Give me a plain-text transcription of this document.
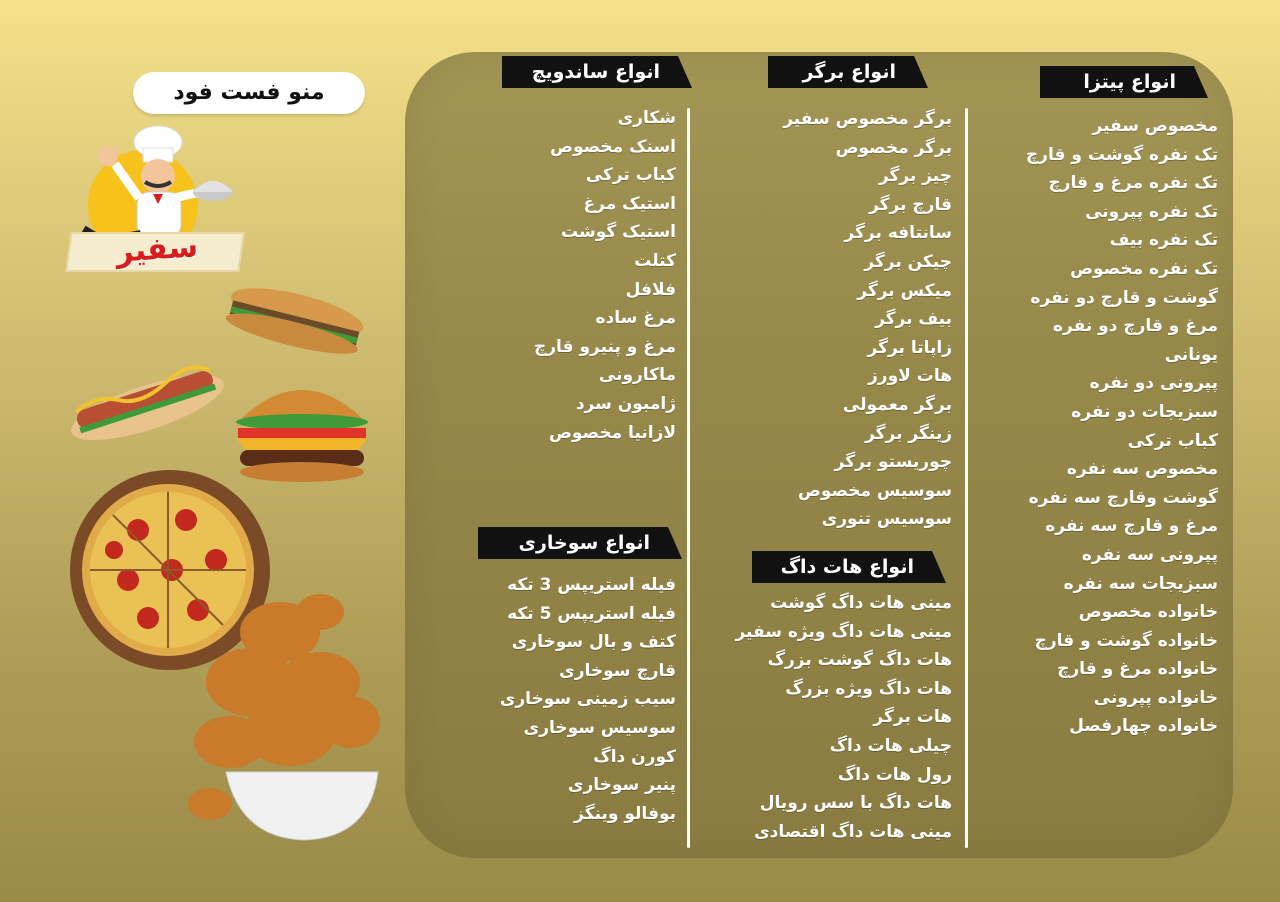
منو فست فود
سفیر
انواع پیتزا
مخصوص سفیر
تک نفره گوشت و قارچ
تک نفره مرغ و قارچ
تک نفره پپرونی
تک نفره بیف
تک نفره مخصوص
گوشت و قارچ دو نفره
مرغ و قارچ دو نفره
یونانی
پپرونی دو نفره
سبزیجات دو نفره
کباب ترکی
مخصوص سه نفره
گوشت وقارچ سه نفره
مرغ و قارچ سه نفره
پپرونی سه نفره
سبزیجات سه نفره
خانواده مخصوص
خانواده گوشت و قارچ
خانواده مرغ و قارچ
خانواده پپرونی
خانواده چهارفصل
انواع برگر
برگر مخصوص سفیر
برگر مخصوص
چیز برگر
قارچ برگر
سانتافه برگر
چیکن برگر
میکس برگر
بیف برگر
زاپاتا برگر
هات لاورز
برگر معمولی
زینگر برگر
چوریستو برگر
سوسیس مخصوص
سوسیس تنوری
انواع هات داگ
مینی هات داگ گوشت
مینی هات داگ ویژه سفیر
هات داگ گوشت بزرگ
هات داگ ویژه بزرگ
هات برگر
چیلی هات داگ
رول هات داگ
هات داگ با سس رویال
مینی هات داگ اقتصادی
انواع ساندویچ
شکاری
اسنک مخصوص
کباب ترکی
استیک مرغ
استیک گوشت
کتلت
فلافل
مرغ ساده
مرغ و پنیرو قارچ
ماکارونی
ژامبون سرد
لازانیا مخصوص
انواع سوخاری
فیله استریپس 3 تکه
فیله استریپس 5 تکه
کتف و بال سوخاری
قارچ سوخاری
سیب زمینی سوخاری
سوسیس سوخاری
کورن داگ
پنیر سوخاری
بوفالو وینگز
